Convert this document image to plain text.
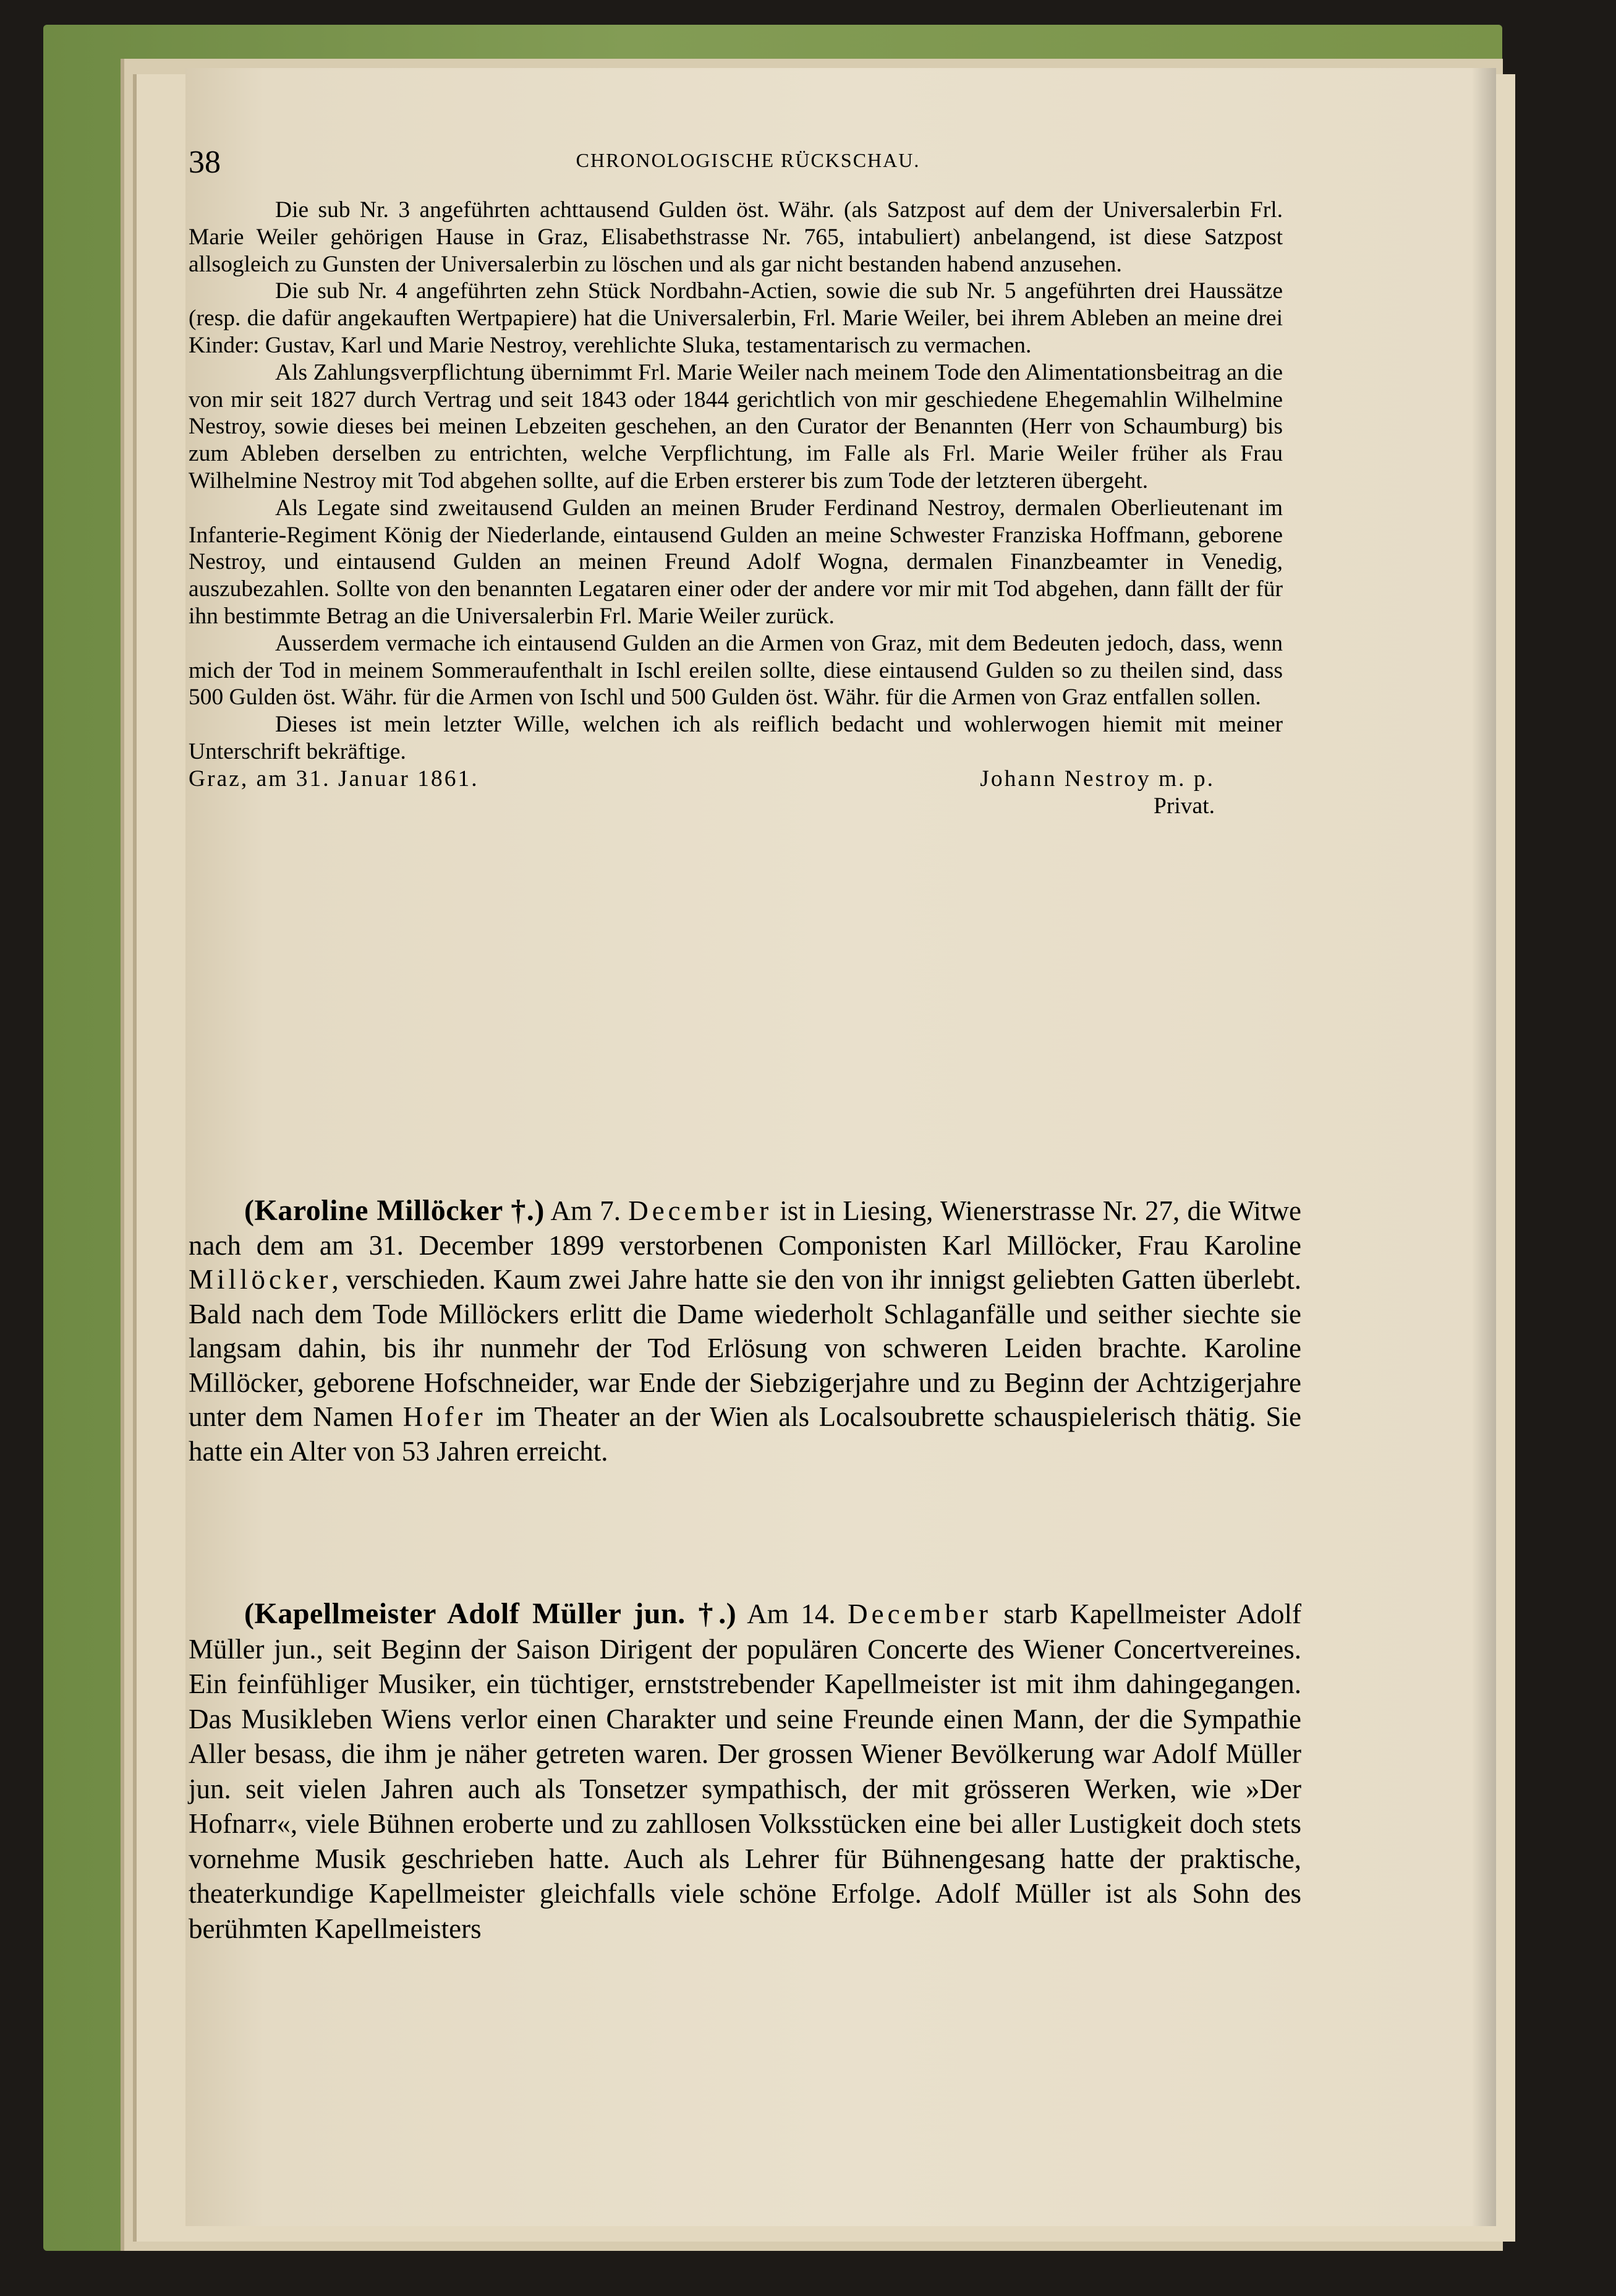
38	CHRONOLOGISCHE RÜCKSCHAU.

Die sub Nr. 3 angeführten achttausend Gulden öst. Währ. (als Satzpost auf dem der Universalerbin Frl. Marie Weiler gehörigen Hause in Graz, Elisabethstrasse Nr. 765, intabuliert) anbelangend, ist diese Satzpost allsogleich zu Gunsten der Universalerbin zu löschen und als gar nicht bestanden habend anzusehen.

Die sub Nr. 4 angeführten zehn Stück Nordbahn-Actien, sowie die sub Nr. 5 angeführten drei Haussätze (resp. die dafür angekauften Wertpapiere) hat die Universalerbin, Frl. Marie Weiler, bei ihrem Ableben an meine drei Kinder: Gustav, Karl und Marie Nestroy, verehlichte Sluka, testamentarisch zu vermachen.

Als Zahlungsverpflichtung übernimmt Frl. Marie Weiler nach meinem Tode den Alimentationsbeitrag an die von mir seit 1827 durch Vertrag und seit 1843 oder 1844 gerichtlich von mir geschiedene Ehegemahlin Wilhelmine Nestroy, sowie dieses bei meinen Lebzeiten geschehen, an den Curator der Benannten (Herr von Schaumburg) bis zum Ableben derselben zu entrichten, welche Verpflichtung, im Falle als Frl. Marie Weiler früher als Frau Wilhelmine Nestroy mit Tod abgehen sollte, auf die Erben ersterer bis zum Tode der letzteren übergeht.

Als Legate sind zweitausend Gulden an meinen Bruder Ferdinand Nestroy, dermalen Oberlieutenant im Infanterie-Regiment König der Niederlande, eintausend Gulden an meine Schwester Franziska Hoffmann, geborene Nestroy, und eintausend Gulden an meinen Freund Adolf Wogna, dermalen Finanzbeamter in Venedig, auszubezahlen. Sollte von den benannten Legataren einer oder der andere vor mir mit Tod abgehen, dann fällt der für ihn bestimmte Betrag an die Universalerbin Frl. Marie Weiler zurück.

Ausserdem vermache ich eintausend Gulden an die Armen von Graz, mit dem Bedeuten jedoch, dass, wenn mich der Tod in meinem Sommeraufenthalt in Ischl ereilen sollte, diese eintausend Gulden so zu theilen sind, dass 500 Gulden öst. Währ. für die Armen von Ischl und 500 Gulden öst. Währ. für die Armen von Graz entfallen sollen.

Dieses ist mein letzter Wille, welchen ich als reiflich bedacht und wohlerwogen hiemit mit meiner Unterschrift bekräftige.

Graz, am 31. Januar 1861.	Johann Nestroy m. p.
Privat.

(Karoline Millöcker †.) Am 7. December ist in Liesing, Wienerstrasse Nr. 27, die Witwe nach dem am 31. December 1899 verstorbenen Componisten Karl Millöcker, Frau Karoline Millöcker, verschieden. Kaum zwei Jahre hatte sie den von ihr innigst geliebten Gatten überlebt. Bald nach dem Tode Millöckers erlitt die Dame wiederholt Schlaganfälle und seither siechte sie langsam dahin, bis ihr nunmehr der Tod Erlösung von schweren Leiden brachte. Karoline Millöcker, geborene Hofschneider, war Ende der Siebzigerjahre und zu Beginn der Achtzigerjahre unter dem Namen Hofer im Theater an der Wien als Localsoubrette schauspielerisch thätig. Sie hatte ein Alter von 53 Jahren erreicht.

(Kapellmeister Adolf Müller jun. †.) Am 14. December starb Kapellmeister Adolf Müller jun., seit Beginn der Saison Dirigent der populären Concerte des Wiener Concertvereines. Ein feinfühliger Musiker, ein tüchtiger, ernststrebender Kapellmeister ist mit ihm dahingegangen. Das Musikleben Wiens verlor einen Charakter und seine Freunde einen Mann, der die Sympathie Aller besass, die ihm je näher getreten waren. Der grossen Wiener Bevölkerung war Adolf Müller jun. seit vielen Jahren auch als Tonsetzer sympathisch, der mit grösseren Werken, wie »Der Hofnarr«, viele Bühnen eroberte und zu zahllosen Volksstücken eine bei aller Lustigkeit doch stets vornehme Musik geschrieben hatte. Auch als Lehrer für Bühnengesang hatte der praktische, theaterkundige Kapellmeister gleichfalls viele schöne Erfolge. Adolf Müller ist als Sohn des berühmten Kapellmeisters
